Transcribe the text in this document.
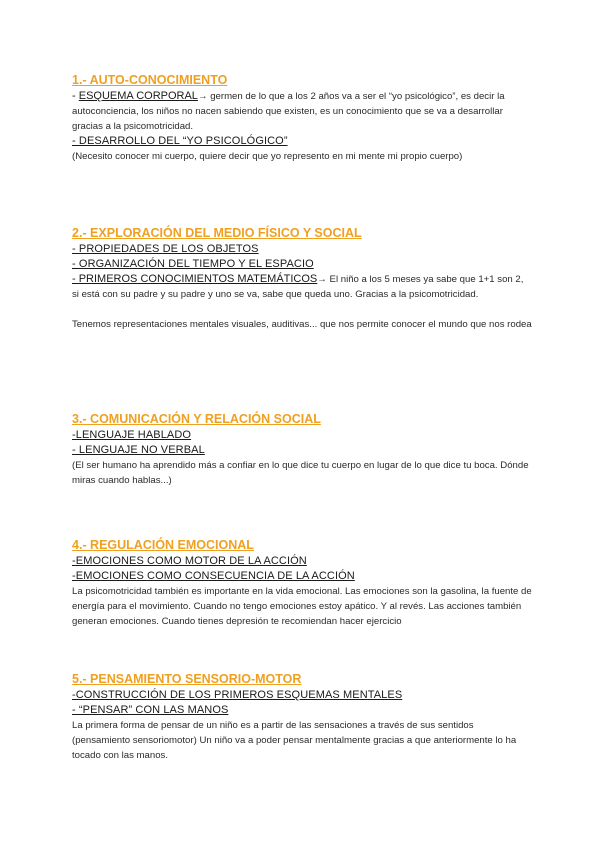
1.- AUTO-CONOCIMIENTO

- ESQUEMA CORPORAL→ germen de lo que a los 2 años va a ser el “yo psicológico”, es decir la autoconciencia, los niños no nacen sabiendo que existen, es un conocimiento que se va a desarrollar gracias a la psicomotricidad.

- DESARROLLO DEL “YO PSICOLÓGICO”

(Necesito conocer mi cuerpo, quiere decir que yo represento en mi mente mi propio cuerpo)

2.- EXPLORACIÓN DEL MEDIO FÍSICO Y SOCIAL

- PROPIEDADES DE LOS OBJETOS

- ORGANIZACIÓN DEL TIEMPO Y EL ESPACIO

- PRIMEROS CONOCIMIENTOS MATEMÁTICOS→ El niño a los 5 meses ya sabe que 1+1 son 2, si está con su padre y su padre y uno se va, sabe que queda uno. Gracias a la psicomotricidad.

Tenemos representaciones mentales visuales, auditivas... que nos permite conocer el mundo que nos rodea

3.- COMUNICACIÓN Y RELACIÓN SOCIAL

-LENGUAJE HABLADO

- LENGUAJE NO VERBAL

(El ser humano ha aprendido más a confiar en lo que dice tu cuerpo en lugar de lo que dice tu boca. Dónde miras cuando hablas...)

4.- REGULACIÓN EMOCIONAL

-EMOCIONES COMO MOTOR DE LA ACCIÓN

-EMOCIONES COMO CONSECUENCIA DE LA ACCIÓN

La psicomotricidad también es importante en la vida emocional. Las emociones son la gasolina, la fuente de energía para el movimiento. Cuando no tengo emociones estoy apático. Y al revés. Las acciones también generan emociones. Cuando tienes depresión te recomiendan hacer ejercicio

5.- PENSAMIENTO SENSORIO-MOTOR

-CONSTRUCCIÓN DE LOS PRIMEROS ESQUEMAS MENTALES

- “PENSAR” CON LAS MANOS

La primera forma de pensar de un niño es a partir de las sensaciones a través de sus sentidos (pensamiento sensoriomotor) Un niño va a poder pensar mentalmente gracias a que anteriormente lo ha tocado con las manos.
